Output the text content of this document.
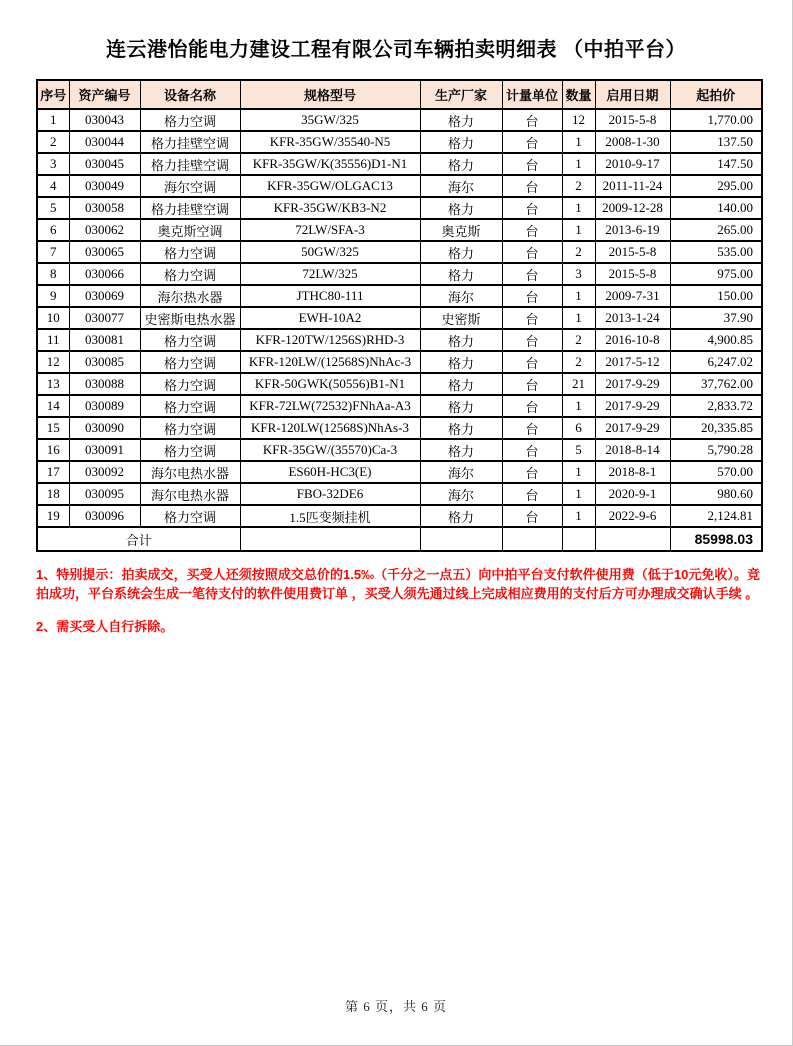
连云港怡能电力建设工程有限公司车辆拍卖明细表 （中拍平台）
序号	资产编号	设备名称	规格型号	生产厂家	计量单位	数量	启用日期	起拍价
1	030043	格力空调	35GW/325	格力	台	12	2015-5-8	1,770.00
2	030044	格力挂壁空调	KFR-35GW/35540-N5	格力	台	1	2008-1-30	137.50
3	030045	格力挂壁空调	KFR-35GW/K(35556)D1-N1	格力	台	1	2010-9-17	147.50
4	030049	海尔空调	KFR-35GW/OLGAC13	海尔	台	2	2011-11-24	295.00
5	030058	格力挂壁空调	KFR-35GW/KB3-N2	格力	台	1	2009-12-28	140.00
6	030062	奥克斯空调	72LW/SFA-3	奥克斯	台	1	2013-6-19	265.00
7	030065	格力空调	50GW/325	格力	台	2	2015-5-8	535.00
8	030066	格力空调	72LW/325	格力	台	3	2015-5-8	975.00
9	030069	海尔热水器	JTHC80-111	海尔	台	1	2009-7-31	150.00
10	030077	史密斯电热水器	EWH-10A2	史密斯	台	1	2013-1-24	37.90
11	030081	格力空调	KFR-120TW/1256S)RHD-3	格力	台	2	2016-10-8	4,900.85
12	030085	格力空调	KFR-120LW/(12568S)NhAc-3	格力	台	2	2017-5-12	6,247.02
13	030088	格力空调	KFR-50GWK(50556)B1-N1	格力	台	21	2017-9-29	37,762.00
14	030089	格力空调	KFR-72LW(72532)FNhAa-A3	格力	台	1	2017-9-29	2,833.72
15	030090	格力空调	KFR-120LW(12568S)NhAs-3	格力	台	6	2017-9-29	20,335.85
16	030091	格力空调	KFR-35GW/(35570)Ca-3	格力	台	5	2018-8-14	5,790.28
17	030092	海尔电热水器	ES60H-HC3(E)	海尔	台	1	2018-8-1	570.00
18	030095	海尔电热水器	FBO-32DE6	海尔	台	1	2020-9-1	980.60
19	030096	格力空调	1.5匹变频挂机	格力	台	1	2022-9-6	2,124.81
合计								85998.03

1、特别提示：拍卖成交，买受人还须按照成交总价的1.5‰（千分之一点五）向中拍平台支付软件使用费（低于10元免收）。竞拍成功，平台系统会生成一笔待支付的软件使用费订单 ，买受人须先通过线上完成相应费用的支付后方可办理成交确认手续 。

2、需买受人自行拆除。

第 6 页，共 6 页
